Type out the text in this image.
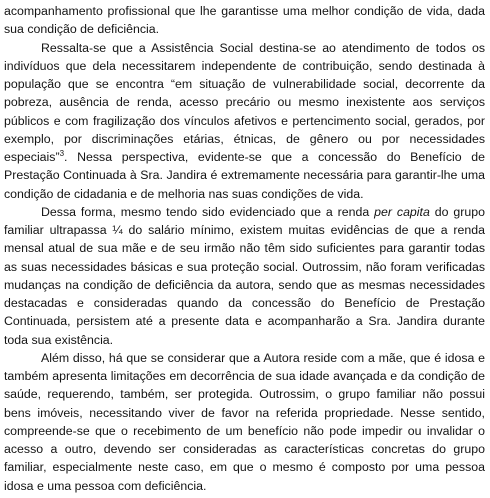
acompanhamento profissional que lhe garantisse uma melhor condição de vida, dada sua condição de deficiência.

Ressalta-se que a Assistência Social destina-se ao atendimento de todos os indivíduos que dela necessitarem independente de contribuição, sendo destinada à população que se encontra “em situação de vulnerabilidade social, decorrente da pobreza, ausência de renda, acesso precário ou mesmo inexistente aos serviços públicos e com fragilização dos vínculos afetivos e pertencimento social, gerados, por exemplo, por discriminações etárias, étnicas, de gênero ou por necessidades especiais”$^3$. Nessa perspectiva, evidente-se que a concessão do Benefício de Prestação Continuada à Sra. Jandira é extremamente necessária para garantir-lhe uma condição de cidadania e de melhoria nas suas condições de vida.

Dessa forma, mesmo tendo sido evidenciado que a renda per capita do grupo familiar ultrapassa ¼ do salário mínimo, existem muitas evidências de que a renda mensal atual de sua mãe e de seu irmão não têm sido suficientes para garantir todas as suas necessidades básicas e sua proteção social. Outrossim, não foram verificadas mudanças na condição de deficiência da autora, sendo que as mesmas necessidades destacadas e consideradas quando da concessão do Benefício de Prestação Continuada, persistem até a presente data e acompanharão a Sra. Jandira durante toda sua existência.

Além disso, há que se considerar que a Autora reside com a mãe, que é idosa e também apresenta limitações em decorrência de sua idade avançada e da condição de saúde, requerendo, também, ser protegida. Outrossim, o grupo familiar não possui bens imóveis, necessitando viver de favor na referida propriedade. Nesse sentido, compreende-se que o recebimento de um benefício não pode impedir ou invalidar o acesso a outro, devendo ser consideradas as características concretas do grupo familiar, especialmente neste caso, em que o mesmo é composto por uma pessoa idosa e uma pessoa com deficiência.
